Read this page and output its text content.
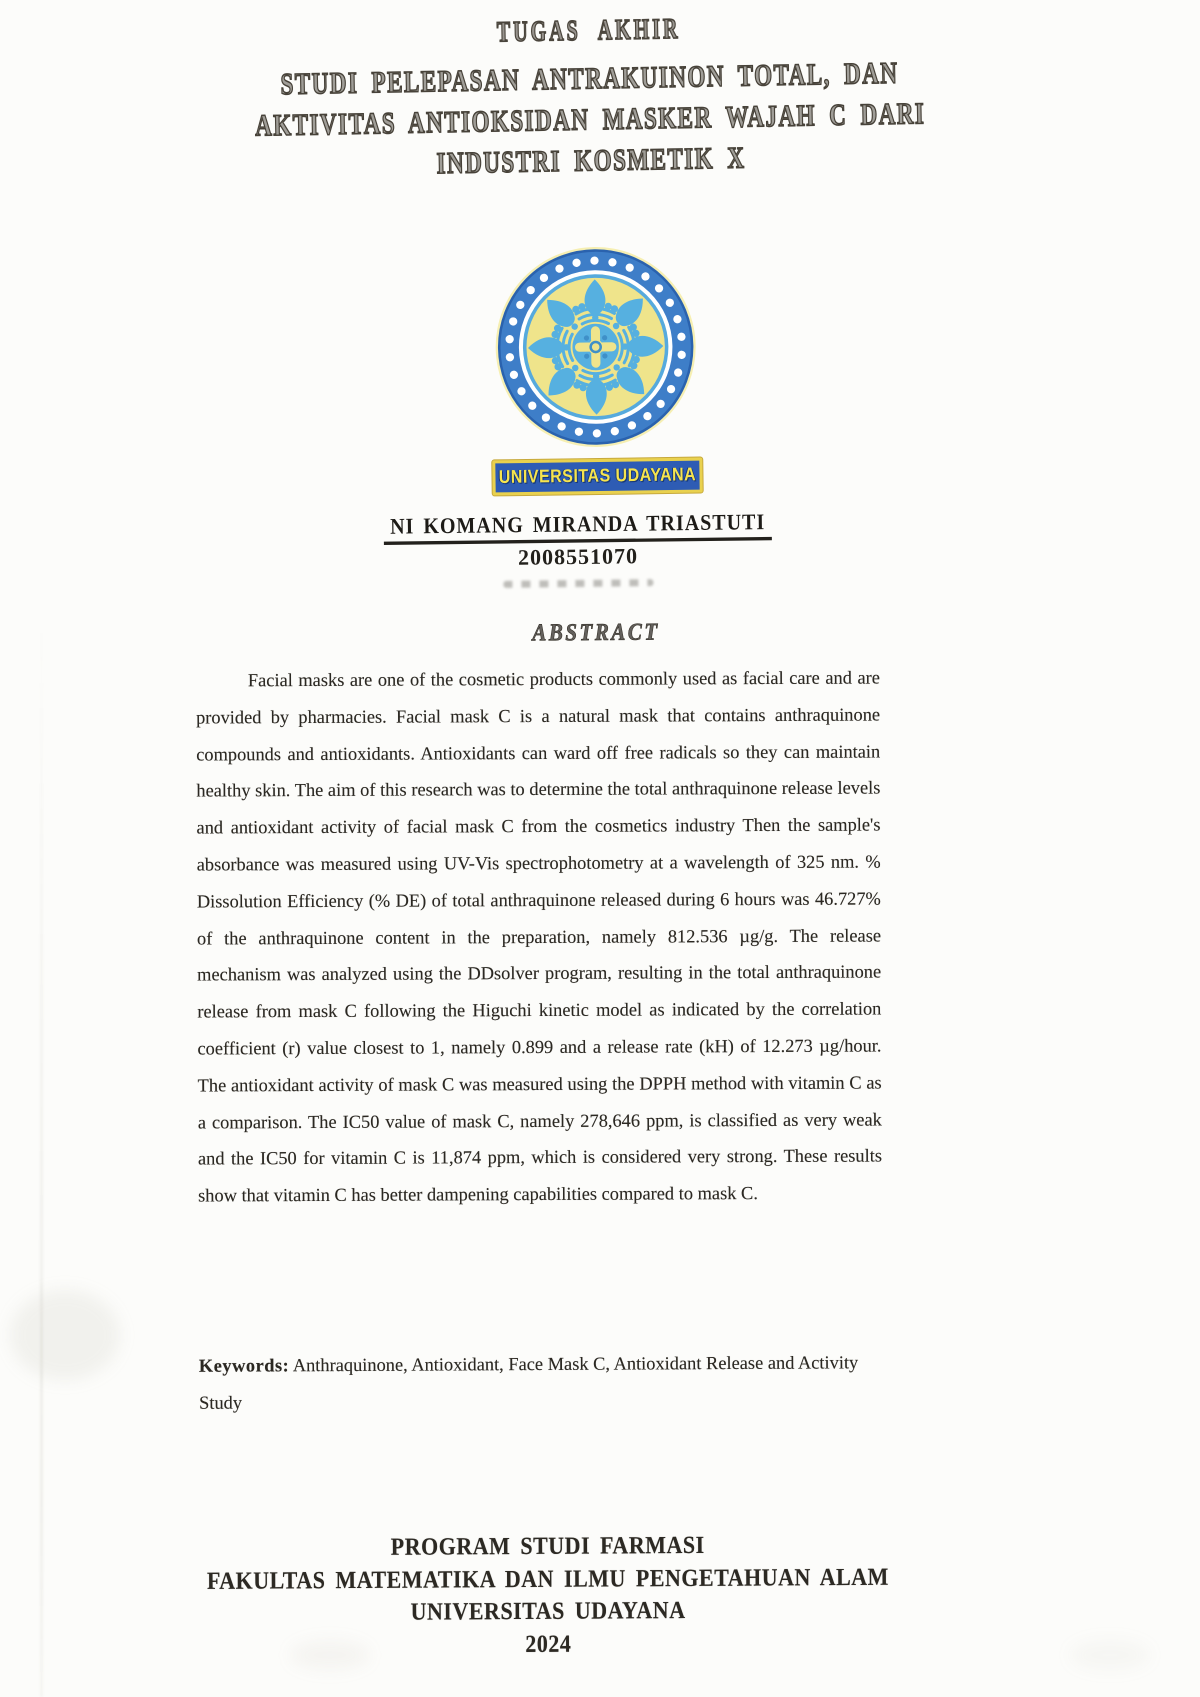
TUGAS AKHIR
STUDI PELEPASAN ANTRAKUINON TOTAL, DAN
AKTIVITAS ANTIOKSIDAN MASKER WAJAH C DARI
INDUSTRI KOSMETIK X
UNIVERSITAS UDAYANA
NI KOMANG MIRANDA TRIASTUTI
2008551070
ABSTRACT

Facial masks are one of the cosmetic products commonly used as facial care and are provided by pharmacies. Facial mask C is a natural mask that contains anthraquinone compounds and antioxidants. Antioxidants can ward off free radicals so they can maintain healthy skin. The aim of this research was to determine the total anthraquinone release levels and antioxidant activity of facial mask C from the cosmetics industry Then the sample's absorbance was measured using UV-Vis spectrophotometry at a wavelength of 325 nm. % Dissolution Efficiency (% DE) of total anthraquinone released during 6 hours was 46.727% of the anthraquinone content in the preparation, namely 812.536 µg/g. The release mechanism was analyzed using the DDsolver program, resulting in the total anthraquinone release from mask C following the Higuchi kinetic model as indicated by the correlation coefficient (r) value closest to 1, namely 0.899 and a release rate (kH) of 12.273 µg/hour. The antioxidant activity of mask C was measured using the DPPH method with vitamin C as a comparison. The IC50 value of mask C, namely 278,646 ppm, is classified as very weak and the IC50 for vitamin C is 11,874 ppm, which is considered very strong. These results show that vitamin C has better dampening capabilities compared to mask C.

Keywords: Anthraquinone, Antioxidant, Face Mask C, Antioxidant Release and Activity Study
PROGRAM STUDI FARMASI
FAKULTAS MATEMATIKA DAN ILMU PENGETAHUAN ALAM
UNIVERSITAS UDAYANA
2024
